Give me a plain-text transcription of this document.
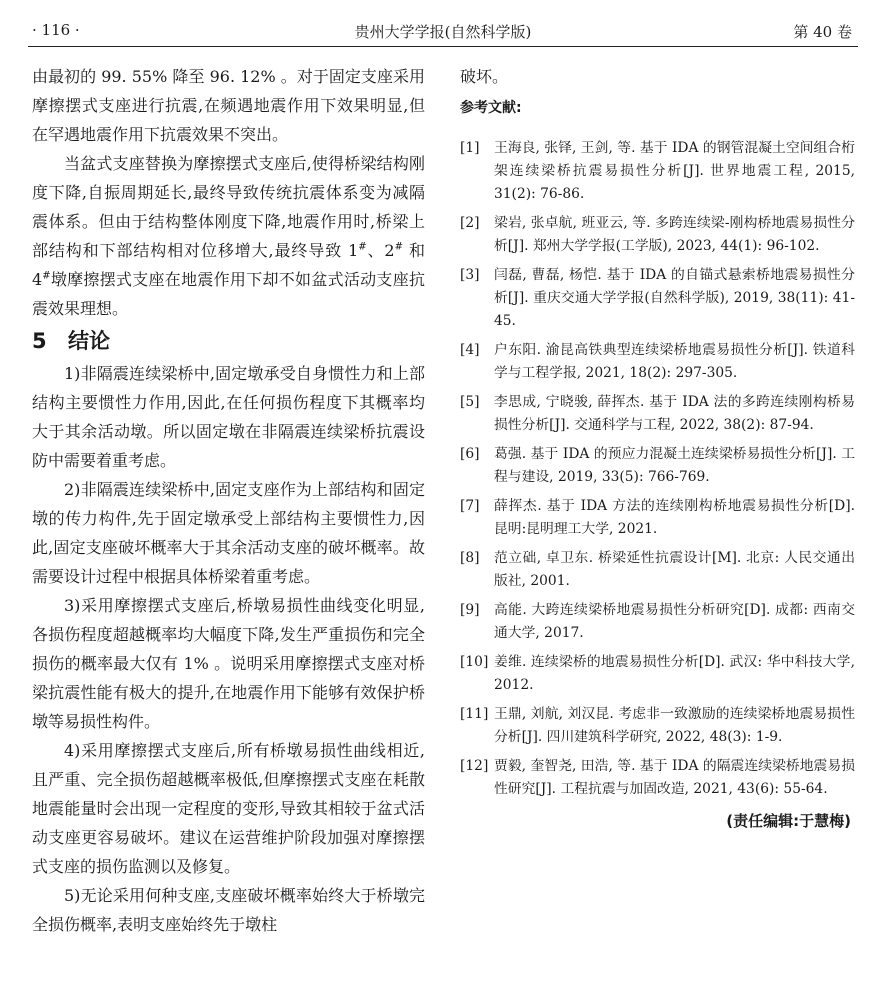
· 116 ·	贵州大学学报(自然科学版)	第 40 卷

由最初的 99. 55% 降至 96. 12% 。对于固定支座采用摩擦摆式支座进行抗震,在频遇地震作用下效果明显,但在罕遇地震作用下抗震效果不突出。

当盆式支座替换为摩擦摆式支座后,使得桥梁结构刚度下降,自振周期延长,最终导致传统抗震体系变为减隔震体系。但由于结构整体刚度下降,地震作用时,桥梁上部结构和下部结构相对位移增大,最终导致 1#、2# 和 4#墩摩擦摆式支座在地震作用下却不如盆式活动支座抗震效果理想。

5 结论

1)非隔震连续梁桥中,固定墩承受自身惯性力和上部结构主要惯性力作用,因此,在任何损伤程度下其概率均大于其余活动墩。所以固定墩在非隔震连续梁桥抗震设防中需要着重考虑。

2)非隔震连续梁桥中,固定支座作为上部结构和固定墩的传力构件,先于固定墩承受上部结构主要惯性力,因此,固定支座破坏概率大于其余活动支座的破坏概率。故需要设计过程中根据具体桥梁着重考虑。

3)采用摩擦摆式支座后,桥墩易损性曲线变化明显,各损伤程度超越概率均大幅度下降,发生严重损伤和完全损伤的概率最大仅有 1% 。说明采用摩擦摆式支座对桥梁抗震性能有极大的提升,在地震作用下能够有效保护桥墩等易损性构件。

4)采用摩擦摆式支座后,所有桥墩易损性曲线相近,且严重、完全损伤超越概率极低,但摩擦摆式支座在耗散地震能量时会出现一定程度的变形,导致其相较于盆式活动支座更容易破坏。建议在运营维护阶段加强对摩擦摆式支座的损伤监测以及修复。

5)无论采用何种支座,支座破坏概率始终大于桥墩完全损伤概率,表明支座始终先于墩柱

破坏。
参考文献:
[1]	王海良, 张铎, 王剑, 等. 基于 IDA 的钢管混凝土空间组合桁架连续梁桥抗震易损性分析[J]. 世界地震工程, 2015, 31(2): 76-86.
[2]	梁岩, 张卓航, 班亚云, 等. 多跨连续梁-刚构桥地震易损性分析[J]. 郑州大学学报(工学版), 2023, 44(1): 96-102.
[3]	闫磊, 曹磊, 杨恺. 基于 IDA 的自锚式悬索桥地震易损性分析[J]. 重庆交通大学学报(自然科学版), 2019, 38(11): 41-45.
[4]	户东阳. 渝昆高铁典型连续梁桥地震易损性分析[J]. 铁道科学与工程学报, 2021, 18(2): 297-305.
[5]	李思成, 宁晓骏, 薛挥杰. 基于 IDA 法的多跨连续刚构桥易损性分析[J]. 交通科学与工程, 2022, 38(2): 87-94.
[6]	葛强. 基于 IDA 的预应力混凝土连续梁桥易损性分析[J]. 工程与建设, 2019, 33(5): 766-769.
[7]	薛挥杰. 基于 IDA 方法的连续刚构桥地震易损性分析[D]. 昆明:昆明理工大学, 2021.
[8]	范立础, 卓卫东. 桥梁延性抗震设计[M]. 北京: 人民交通出版社, 2001.
[9]	高能. 大跨连续梁桥地震易损性分析研究[D]. 成都: 西南交通大学, 2017.
[10] 姜维. 连续梁桥的地震易损性分析[D]. 武汉: 华中科技大学, 2012.
[11] 王鼎, 刘航, 刘汉昆. 考虑非一致激励的连续梁桥地震易损性分析[J]. 四川建筑科学研究, 2022, 48(3): 1-9.
[12] 贾毅, 奎智尧, 田浩, 等. 基于 IDA 的隔震连续梁桥地震易损性研究[J]. 工程抗震与加固改造, 2021, 43(6): 55-64.
(责任编辑:于慧梅)
